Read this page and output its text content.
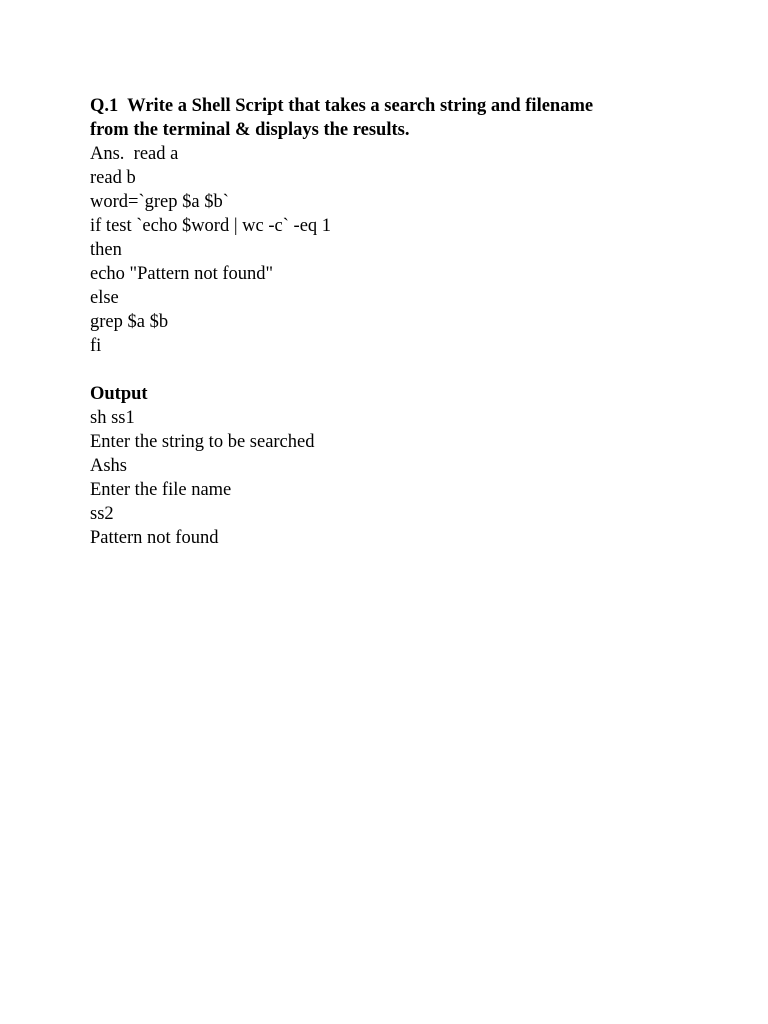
Q.1  Write a Shell Script that takes a search string and filename
from the terminal & displays the results.
Ans.  read a
read b
word=`grep $a $b`
if test `echo $word | wc -c` -eq 1
then
echo "Pattern not found"
else
grep $a $b
fi
Output
sh ss1
Enter the string to be searched
Ashs
Enter the file name
ss2
Pattern not found
